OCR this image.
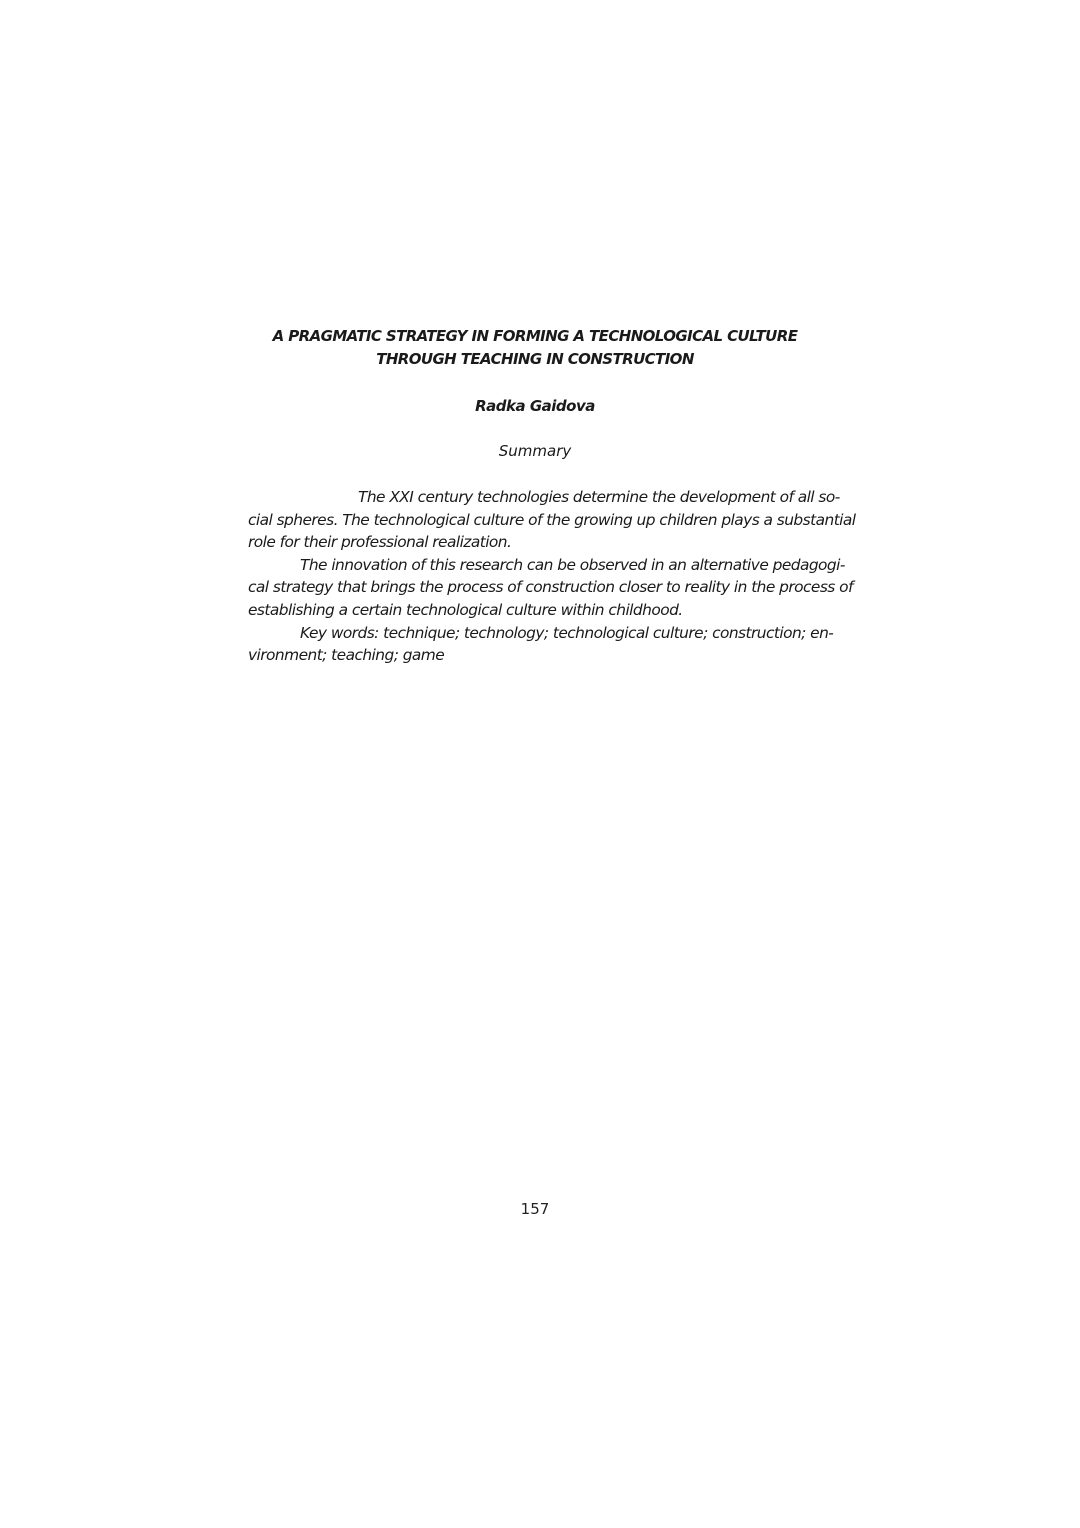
A PRAGMATIC STRATEGY IN FORMING A TECHNOLOGICAL CULTURE
THROUGH TEACHING IN CONSTRUCTION
Radka Gaidova
Summary
The XXI century technologies determine the development of all so-
cial spheres. The technological culture of the growing up children plays a substantial
role for their professional realization.
The innovation of this research can be observed in an alternative pedagogi-
cal strategy that brings the process of construction closer to reality in the process of
establishing a certain technological culture within childhood.
Key words: technique; technology; technological culture; construction; en-
vironment; teaching; game
157
